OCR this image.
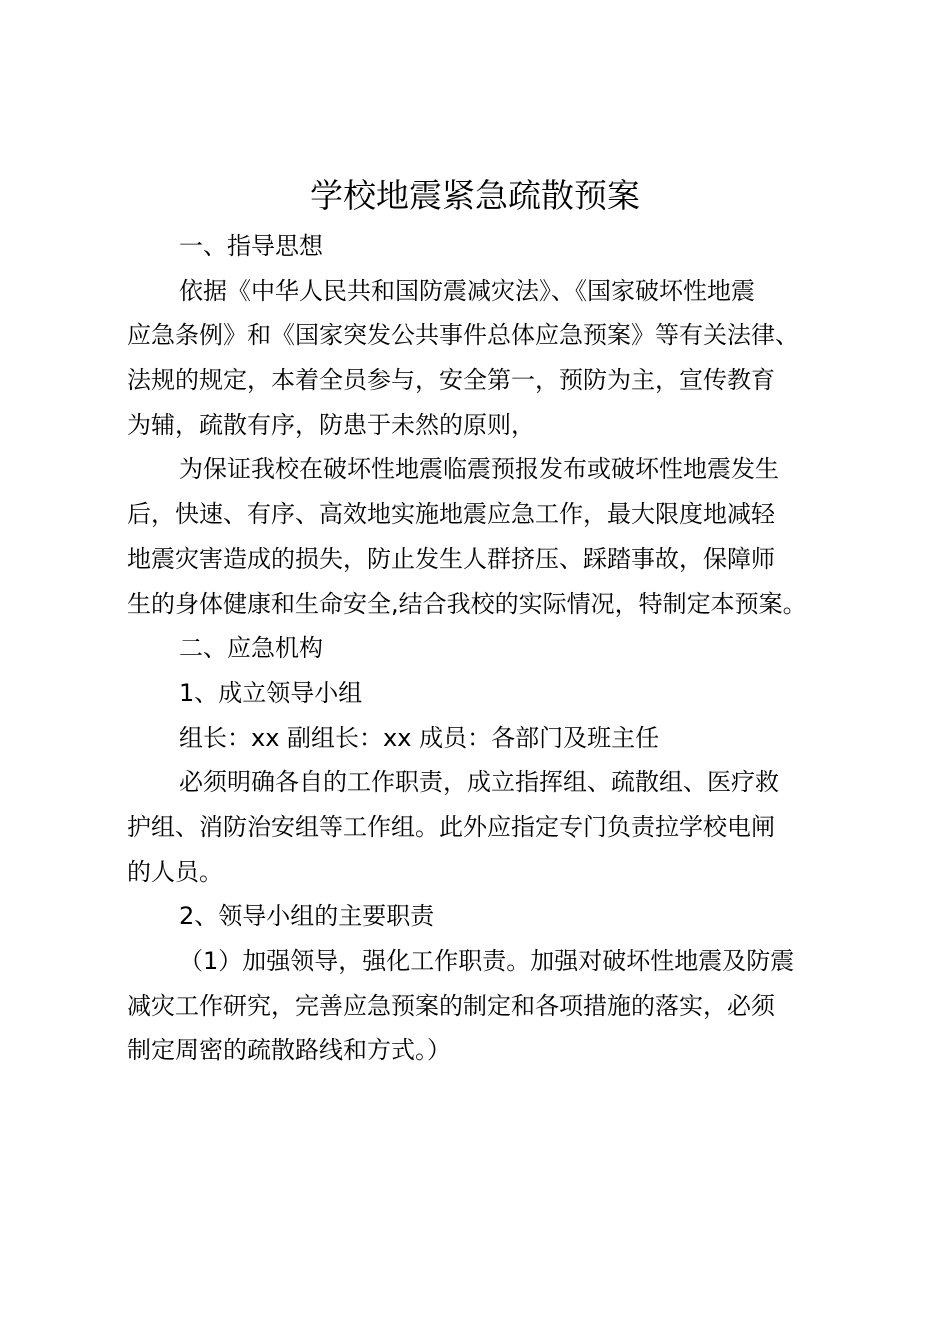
学校地震紧急疏散预案

一、指导思想

依据《中华人民共和国防震减灾法》、《国家破坏性地震

应急条例》和《国家突发公共事件总体应急预案》等有关法律、

法规的规定，本着全员参与，安全第一，预防为主，宣传教育

为辅，疏散有序，防患于未然的原则，

为保证我校在破坏性地震临震预报发布或破坏性地震发生

后，快速、有序、高效地实施地震应急工作，最大限度地减轻

地震灾害造成的损失，防止发生人群挤压、踩踏事故，保障师

生的身体健康和生命安全,结合我校的实际情况，特制定本预案。

二、应急机构

1、成立领导小组

组长：xx 副组长：xx 成员：各部门及班主任

必须明确各自的工作职责，成立指挥组、疏散组、医疗救

护组、消防治安组等工作组。此外应指定专门负责拉学校电闸

的人员。

2、领导小组的主要职责

（1）加强领导，强化工作职责。加强对破坏性地震及防震

减灾工作研究，完善应急预案的制定和各项措施的落实，必须

制定周密的疏散路线和方式。）
